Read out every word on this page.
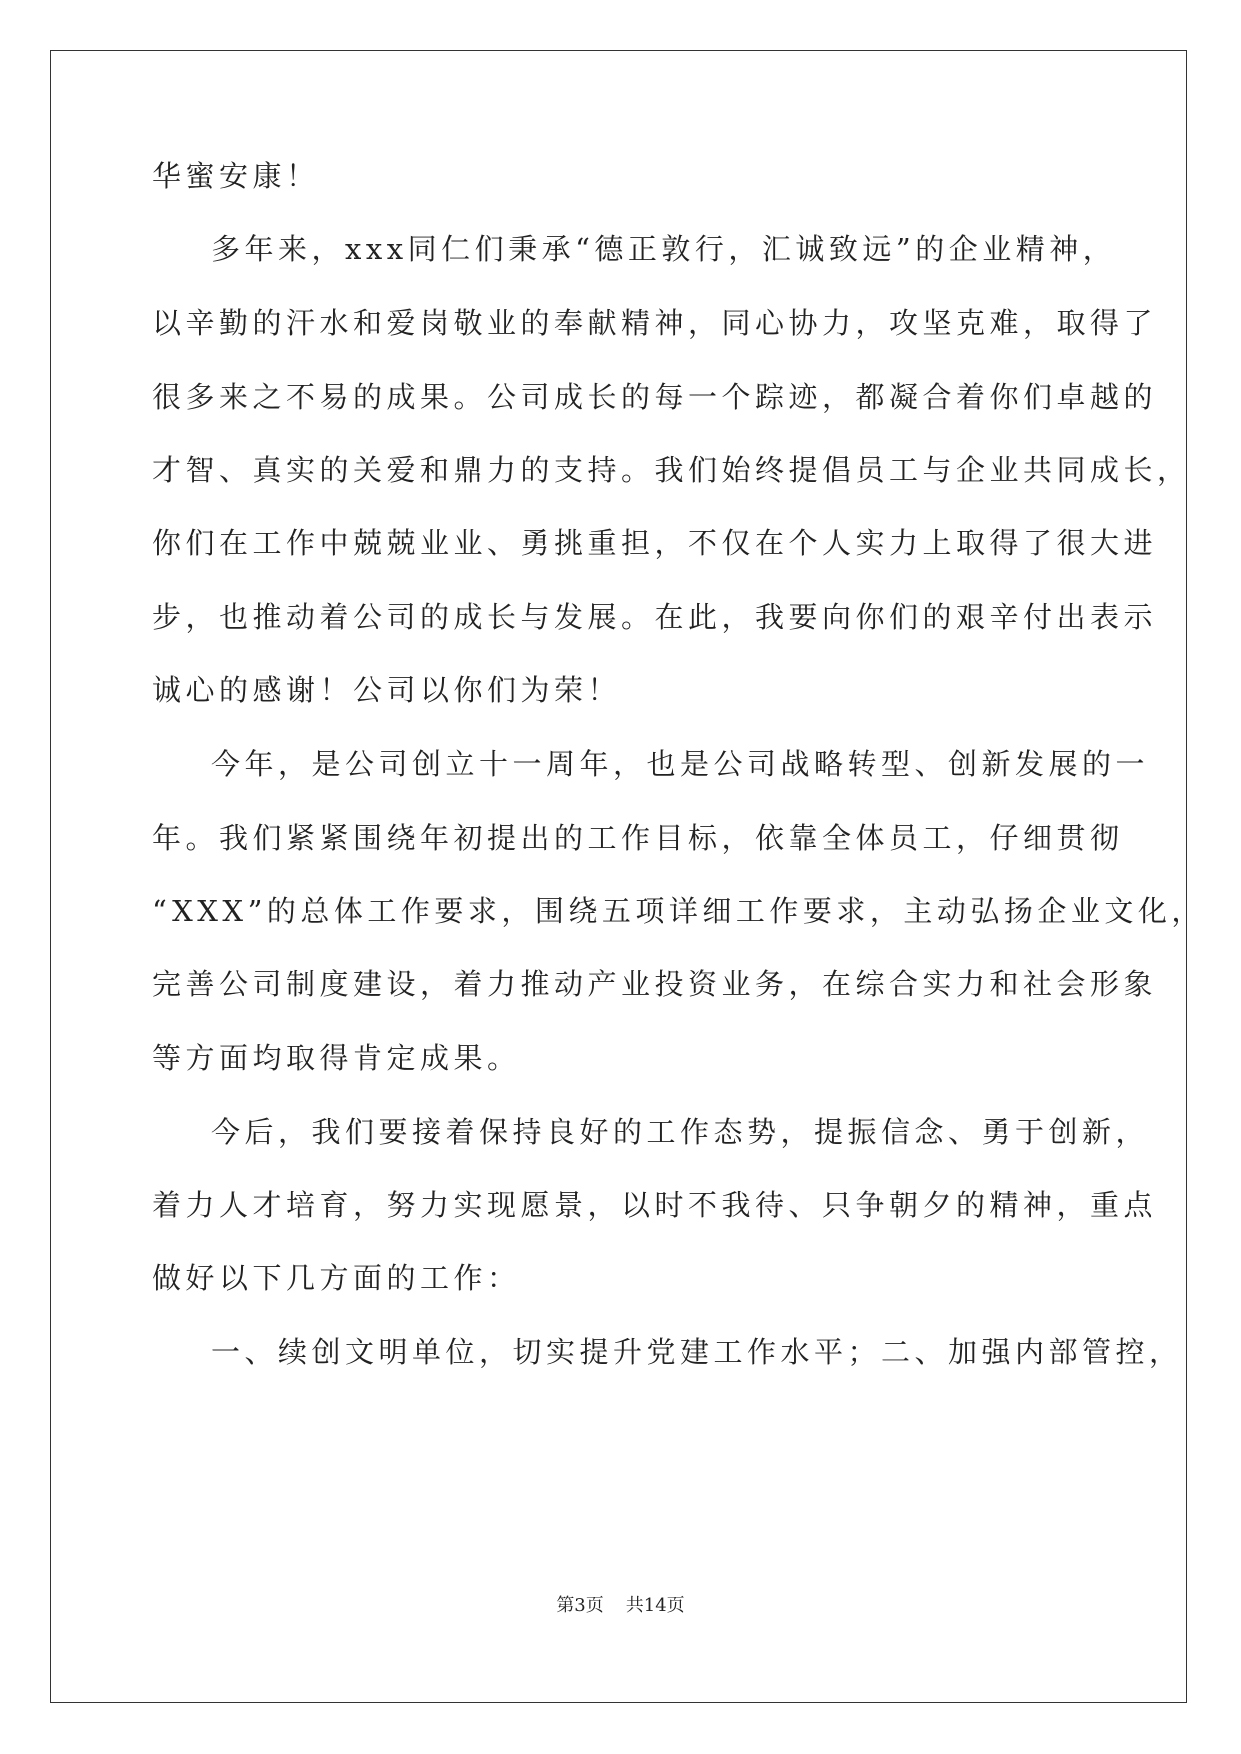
华蜜安康！
多年来，xxx同仁们秉承“德正敦行，汇诚致远”的企业精神，
以辛勤的汗水和爱岗敬业的奉献精神，同心协力，攻坚克难，取得了
很多来之不易的成果。公司成长的每一个踪迹，都凝合着你们卓越的
才智、真实的关爱和鼎力的支持。我们始终提倡员工与企业共同成长，
你们在工作中兢兢业业、勇挑重担，不仅在个人实力上取得了很大进
步，也推动着公司的成长与发展。在此，我要向你们的艰辛付出表示
诚心的感谢！公司以你们为荣！
今年，是公司创立十一周年，也是公司战略转型、创新发展的一
年。我们紧紧围绕年初提出的工作目标，依靠全体员工，仔细贯彻
“XXX”的总体工作要求，围绕五项详细工作要求，主动弘扬企业文化，
完善公司制度建设，着力推动产业投资业务，在综合实力和社会形象
等方面均取得肯定成果。
今后，我们要接着保持良好的工作态势，提振信念、勇于创新，
着力人才培育，努力实现愿景，以时不我待、只争朝夕的精神，重点
做好以下几方面的工作：
一、续创文明单位，切实提升党建工作水平；二、加强内部管控，
第3页 共14页
